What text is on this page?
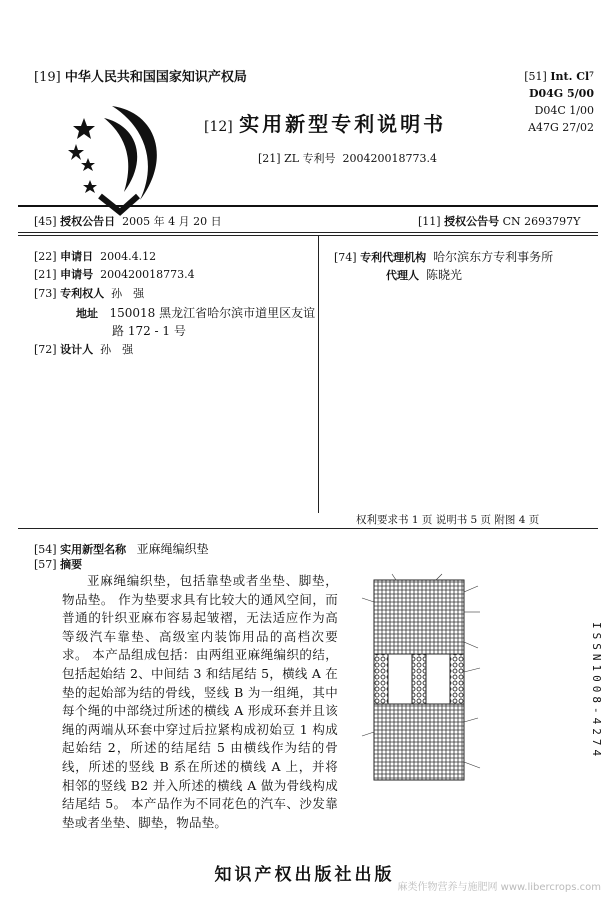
[19] 中华人民共和国国家知识产权局
[12] 实用新型专利说明书
[21] ZL 专利号 200420018773.4
[51] Int. Cl⁷
D04G 5/00
D04C 1/00
A47G 27/02
[45] 授权公告日 2005 年 4 月 20 日	[11] 授权公告号 CN 2693797Y
[22] 申请日 2004.4.12
[21] 申请号 200420018773.4
[73] 专利权人 孙　强
地址 150018 黑龙江省哈尔滨市道里区友谊
路 172 - 1 号
[72] 设计人 孙　强
[74] 专利代理机构 哈尔滨东方专利事务所
代理人 陈晓光
权利要求书 1 页 说明书 5 页 附图 4 页
[54] 实用新型名称 亚麻绳编织垫
[57] 摘要

亚麻绳编织垫，包括靠垫或者坐垫、脚垫，物品垫。 作为垫要求具有比较大的通风空间，而普通的针织亚麻布容易起皱褶，无法适应作为高等级汽车靠垫、高级室内装饰用品的高档次要求。 本产品组成包括：由两组亚麻绳编织的结，包括起始结 2、中间结 3 和结尾结 5，横线 A 在垫的起始部为结的骨线，竖线 B 为一组绳，其中每个绳的中部绕过所述的横线 A 形成环套并且该绳的两端从环套中穿过后拉紧构成初始豆 1 构成起始结 2，所述的结尾结 5 由横线作为结的骨线，所述的竖线 B 系在所述的横线 A 上，并将相邻的竖线 B2 并入所述的横线 A 做为骨线构成结尾结 5。 本产品作为不同花色的汽车、沙发靠垫或者坐垫、脚垫，物品垫。

ISSN1008-4274
知识产权出版社出版
麻类作物营养与施肥网 www.libercrops.com
